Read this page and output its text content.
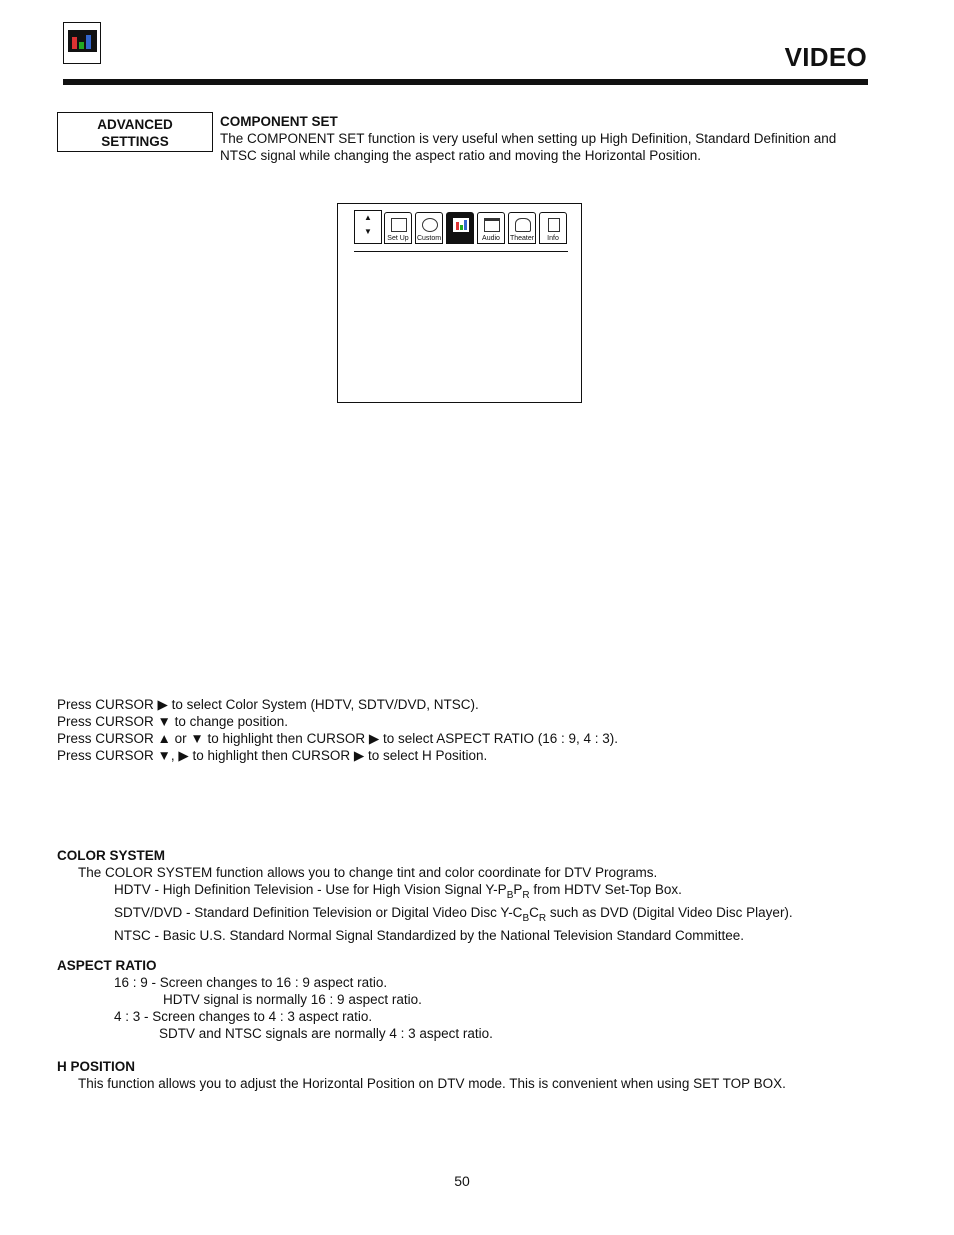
VIDEO
ADVANCED
SETTINGS
COMPONENT SET
The COMPONENT SET function is very useful when setting up High Definition, Standard Definition and NTSC signal while changing the aspect ratio and moving the Horizontal Position.
▲
▼
Set Up	Custom	Audio	Theater	Info
Press CURSOR ▶ to select Color System (HDTV, SDTV/DVD, NTSC).
Press CURSOR ▼ to change position.
Press CURSOR ▲ or ▼ to highlight then CURSOR ▶ to select ASPECT RATIO (16 : 9, 4 : 3).
Press CURSOR ▼, ▶ to highlight then CURSOR ▶ to select H Position.
COLOR SYSTEM
The COLOR SYSTEM function allows you to change tint and color coordinate for DTV Programs.
HDTV - High Definition Television - Use for High Vision Signal $Y-P_BP_R$ from HDTV Set-Top Box.
SDTV/DVD - Standard Definition Television or Digital Video Disc $Y-C_BC_R$ such as DVD (Digital Video Disc Player).
NTSC - Basic U.S. Standard Normal Signal Standardized by the National Television Standard Committee.
ASPECT RATIO
16 : 9 - Screen changes to 16 : 9 aspect ratio.
HDTV signal is normally 16 : 9 aspect ratio.
4 : 3 - Screen changes to 4 : 3 aspect ratio.
SDTV and NTSC signals are normally 4 : 3 aspect ratio.
H POSITION
This function allows you to adjust the Horizontal Position on DTV mode. This is convenient when using SET TOP BOX.
50
